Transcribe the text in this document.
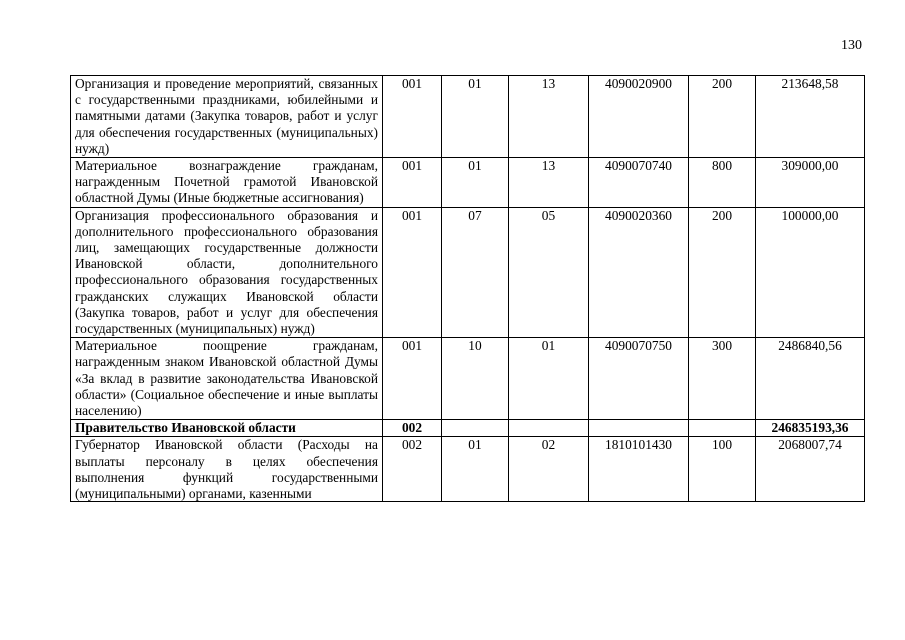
130
Организация и проведение мероприятий, связанных с государственными праздниками, юбилейными и памятными датами (Закупка товаров, работ и услуг для обеспечения государственных (муниципальных) нужд)	001	01	13	4090020900	200	213648,58
Материальное вознаграждение гражданам, награжденным Почетной грамотой Ивановской областной Думы (Иные бюджетные ассигнования)	001	01	13	4090070740	800	309000,00
Организация профессионального образования и дополнительного профессионального образования лиц, замещающих государственные должности Ивановской области, дополнительного профессионального образования государственных гражданских служащих Ивановской области (Закупка товаров, работ и услуг для обеспечения государственных (муниципальных) нужд)	001	07	05	4090020360	200	100000,00
Материальное поощрение гражданам, награжденным знаком Ивановской областной Думы «За вклад в развитие законодательства Ивановской области» (Социальное обеспечение и иные выплаты населению)	001	10	01	4090070750	300	2486840,56
Правительство Ивановской области	002					246835193,36

Губернатор Ивановской области (Расходы на выплаты персоналу в целях обеспечения выполнения функций государственными (муниципальными) органами, казенными	002	01	02	1810101430	100	2068007,74
